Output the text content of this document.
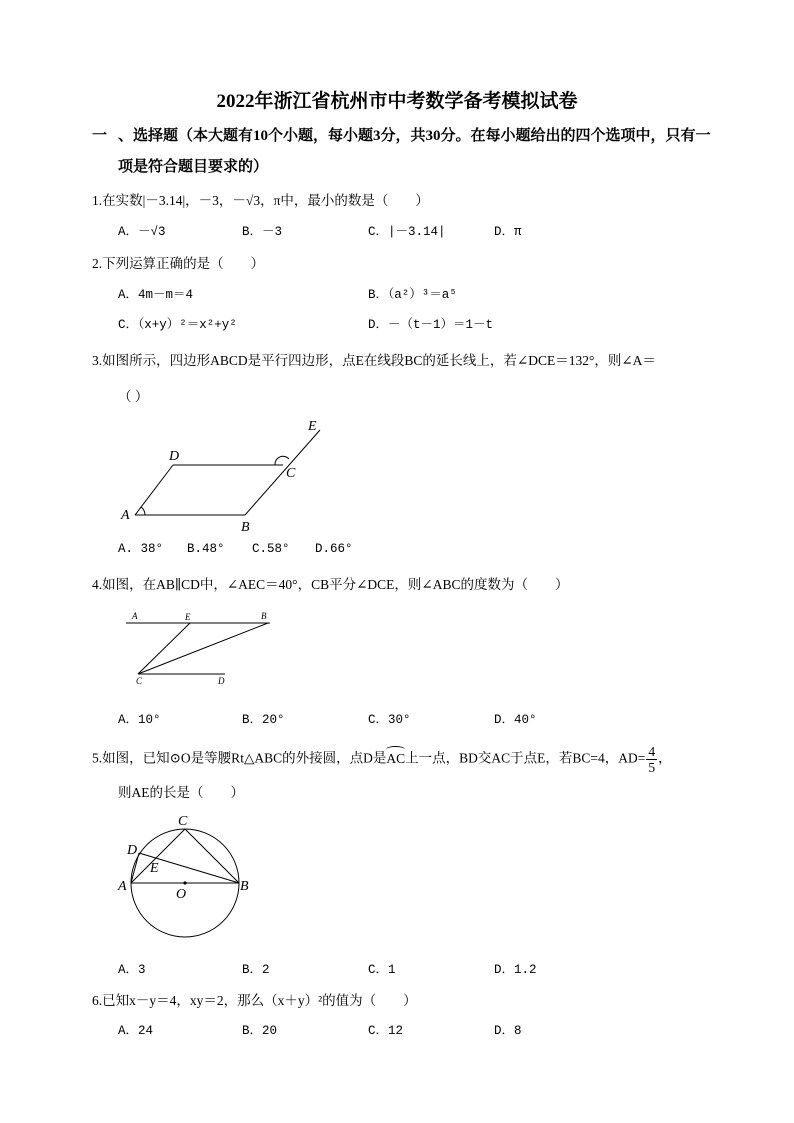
2022年浙江省杭州市中考数学备考模拟试卷
一 、选择题（本大题有10个小题，每小题3分，共30分。在每小题给出的四个选项中，只有一
项是符合题目要求的）
1.在实数|－3.14|，－3，－√3，π中，最小的数是（　　）
A．－√3	B．－3	C．|－3.14|	D．π
2.下列运算正确的是（　　）
A．4m－m＝4	B．（a²）³＝a⁵
C．（x+y）²＝x²+y²	D．－（t－1）＝1－t
3.如图所示，四边形ABCD是平行四边形，点E在线段BC的延长线上，若∠DCE＝132°，则∠A＝
（ ）
A
B
C
D
E
A. 38° B.48° C.58° D.66°
4.如图，在AB∥CD中，∠AEC＝40°，CB平分∠DCE，则∠ABC的度数为（　　）
A	E	B
C	D
A．10°	B．20°	C．30°	D．40°
5.如图，已知⊙O是等腰Rt△ABC的外接圆，点D是
AC上一点，BD交AC于点E，若BC=4，$AD= \frac{4}{5}$ ，
则AE的长是（　　）
C
D
E
A
O
B
A．3	B．2	C．1	D．1.2
6.已知x－y＝4，xy＝2，那么（x＋y）²的值为（　　）
A．24	B．20	C．12	D．8
